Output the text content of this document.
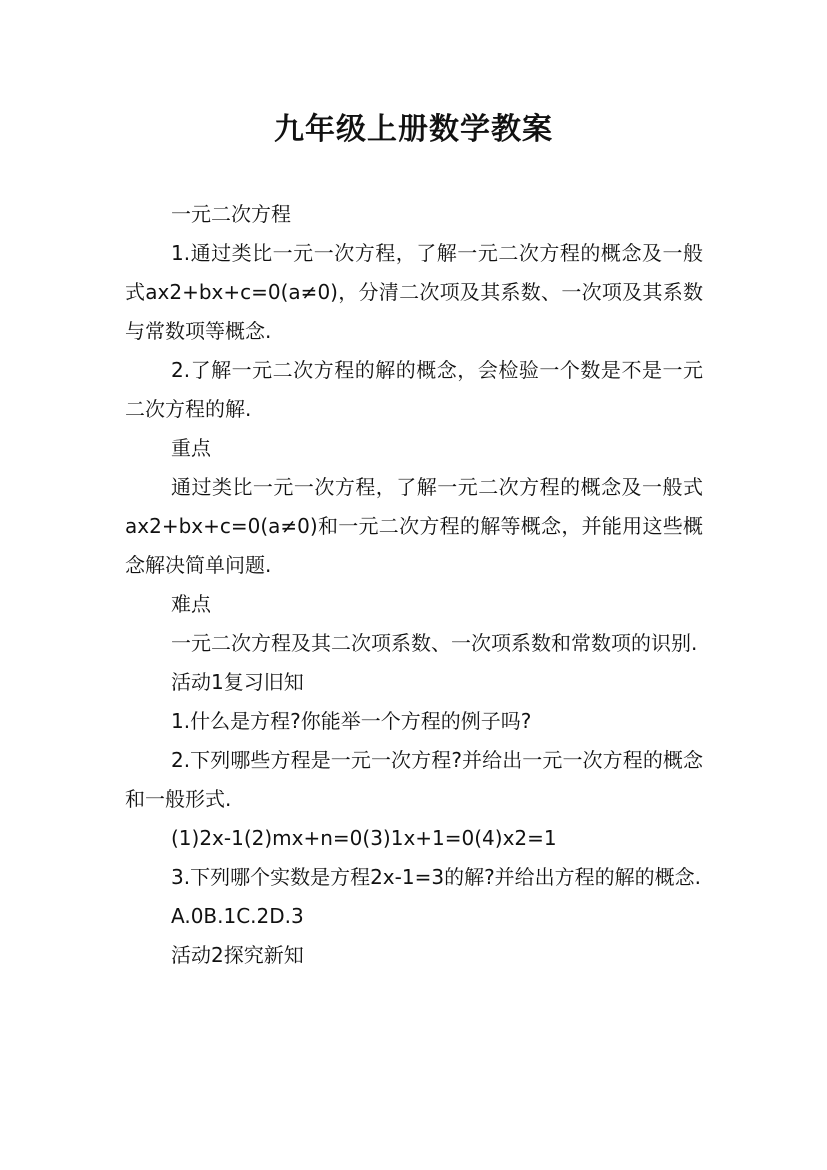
九年级上册数学教案

一元二次方程

1.通过类比一元一次方程，了解一元二次方程的概念及一般式ax2+bx+c=0(a≠0)，分清二次项及其系数、一次项及其系数与常数项等概念.

2.了解一元二次方程的解的概念，会检验一个数是不是一元二次方程的解.

重点

通过类比一元一次方程，了解一元二次方程的概念及一般式ax2+bx+c=0(a≠0)和一元二次方程的解等概念，并能用这些概念解决简单问题.

难点

一元二次方程及其二次项系数、一次项系数和常数项的识别.

活动1复习旧知

1.什么是方程?你能举一个方程的例子吗?

2.下列哪些方程是一元一次方程?并给出一元一次方程的概念和一般形式.

(1)2x-1(2)mx+n=0(3)1x+1=0(4)x2=1

3.下列哪个实数是方程2x-1=3的解?并给出方程的解的概念.

A.0B.1C.2D.3

活动2探究新知
